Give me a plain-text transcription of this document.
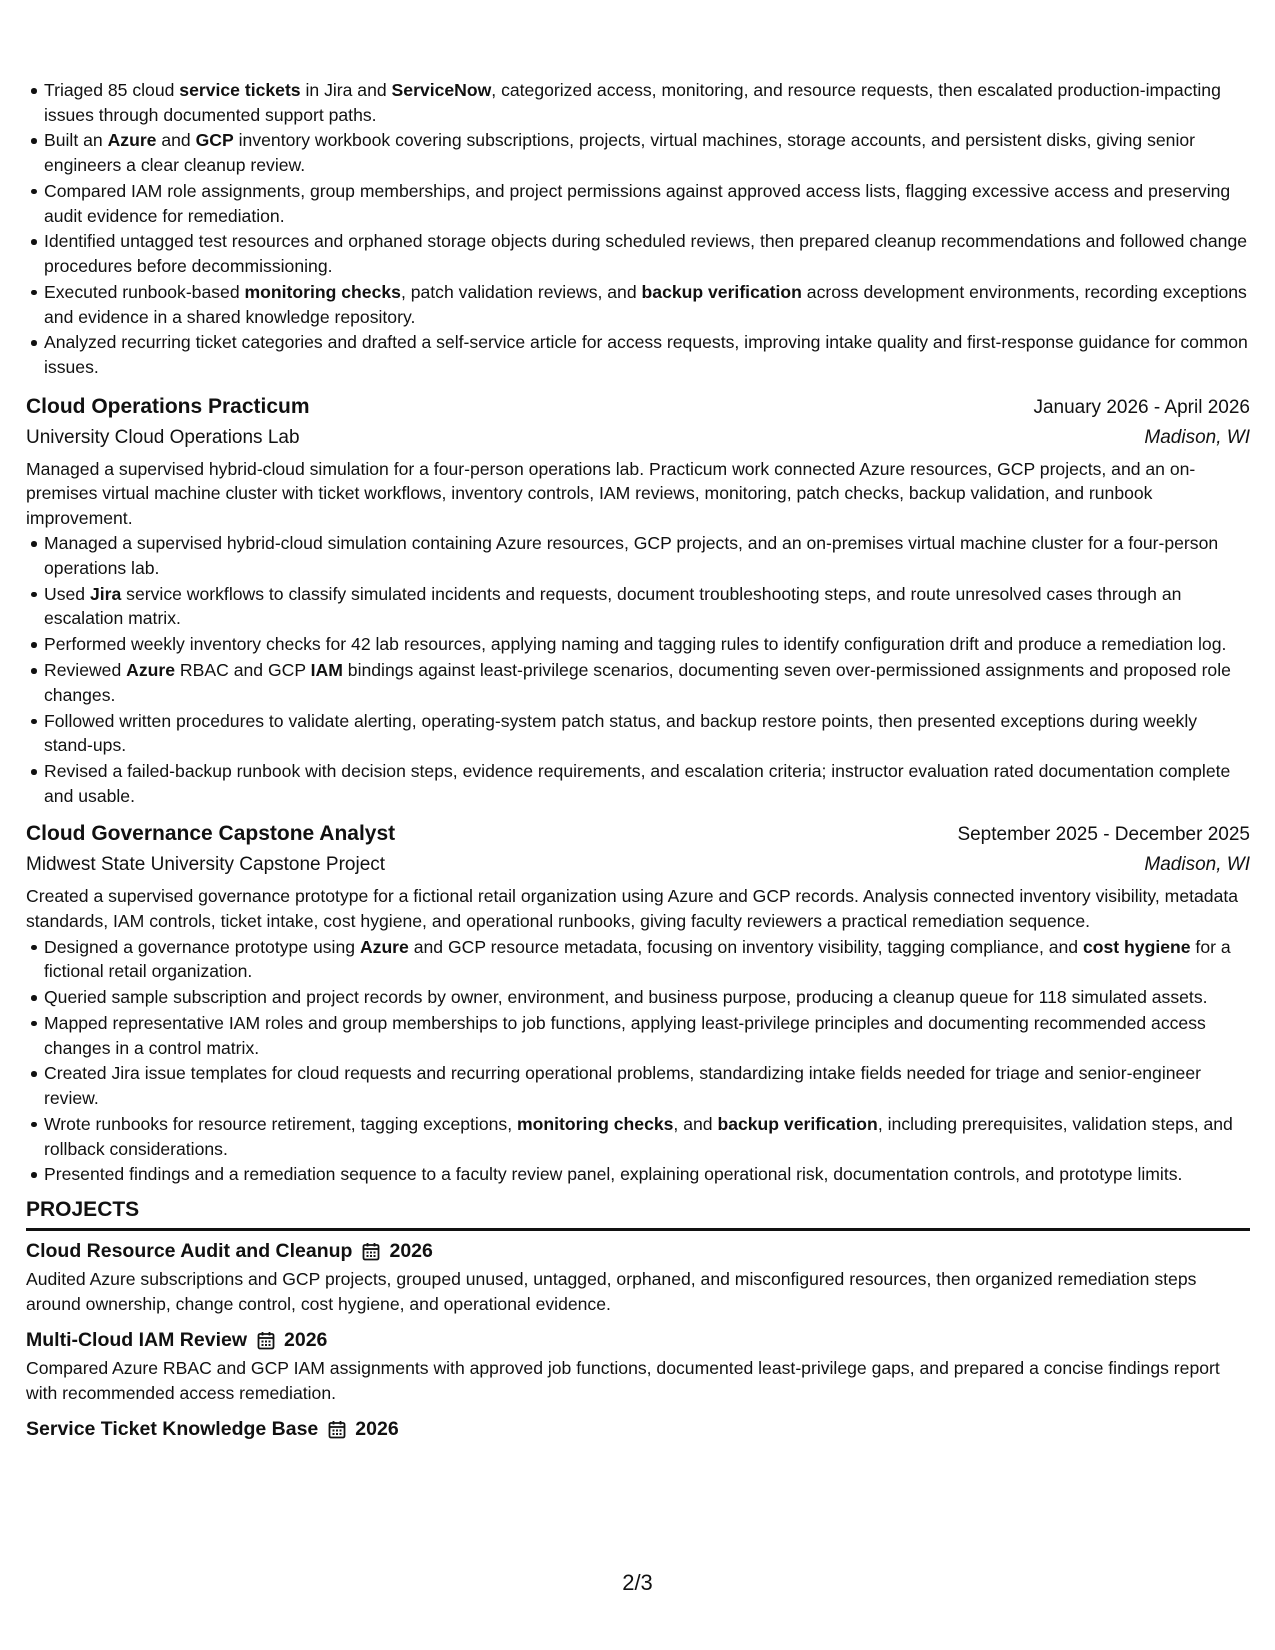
Triaged 85 cloud service tickets in Jira and ServiceNow, categorized access, monitoring, and resource requests, then escalated production-impacting issues through documented support paths.
Built an Azure and GCP inventory workbook covering subscriptions, projects, virtual machines, storage accounts, and persistent disks, giving senior engineers a clear cleanup review.
Compared IAM role assignments, group memberships, and project permissions against approved access lists, flagging excessive access and preserving audit evidence for remediation.
Identified untagged test resources and orphaned storage objects during scheduled reviews, then prepared cleanup recommendations and followed change procedures before decommissioning.
Executed runbook-based monitoring checks, patch validation reviews, and backup verification across development environments, recording exceptions and evidence in a shared knowledge repository.
Analyzed recurring ticket categories and drafted a self-service article for access requests, improving intake quality and first-response guidance for common issues.
Cloud Operations Practicum	January 2026 - April 2026
University Cloud Operations Lab	Madison, WI
Managed a supervised hybrid-cloud simulation for a four-person operations lab. Practicum work connected Azure resources, GCP projects, and an on-premises virtual machine cluster with ticket workflows, inventory controls, IAM reviews, monitoring, patch checks, backup validation, and runbook improvement.
Managed a supervised hybrid-cloud simulation containing Azure resources, GCP projects, and an on-premises virtual machine cluster for a four-person operations lab.
Used Jira service workflows to classify simulated incidents and requests, document troubleshooting steps, and route unresolved cases through an escalation matrix.
Performed weekly inventory checks for 42 lab resources, applying naming and tagging rules to identify configuration drift and produce a remediation log.
Reviewed Azure RBAC and GCP IAM bindings against least-privilege scenarios, documenting seven over-permissioned assignments and proposed role changes.
Followed written procedures to validate alerting, operating-system patch status, and backup restore points, then presented exceptions during weekly stand-ups.
Revised a failed-backup runbook with decision steps, evidence requirements, and escalation criteria; instructor evaluation rated documentation complete and usable.
Cloud Governance Capstone Analyst	September 2025 - December 2025
Midwest State University Capstone Project	Madison, WI
Created a supervised governance prototype for a fictional retail organization using Azure and GCP records. Analysis connected inventory visibility, metadata standards, IAM controls, ticket intake, cost hygiene, and operational runbooks, giving faculty reviewers a practical remediation sequence.
Designed a governance prototype using Azure and GCP resource metadata, focusing on inventory visibility, tagging compliance, and cost hygiene for a fictional retail organization.
Queried sample subscription and project records by owner, environment, and business purpose, producing a cleanup queue for 118 simulated assets.
Mapped representative IAM roles and group memberships to job functions, applying least-privilege principles and documenting recommended access changes in a control matrix.
Created Jira issue templates for cloud requests and recurring operational problems, standardizing intake fields needed for triage and senior-engineer review.
Wrote runbooks for resource retirement, tagging exceptions, monitoring checks, and backup verification, including prerequisites, validation steps, and rollback considerations.
Presented findings and a remediation sequence to a faculty review panel, explaining operational risk, documentation controls, and prototype limits.
PROJECTS
Cloud Resource Audit and Cleanup 2026
Audited Azure subscriptions and GCP projects, grouped unused, untagged, orphaned, and misconfigured resources, then organized remediation steps around ownership, change control, cost hygiene, and operational evidence.
Multi-Cloud IAM Review 2026
Compared Azure RBAC and GCP IAM assignments with approved job functions, documented least-privilege gaps, and prepared a concise findings report with recommended access remediation.
Service Ticket Knowledge Base 2026
2/3
